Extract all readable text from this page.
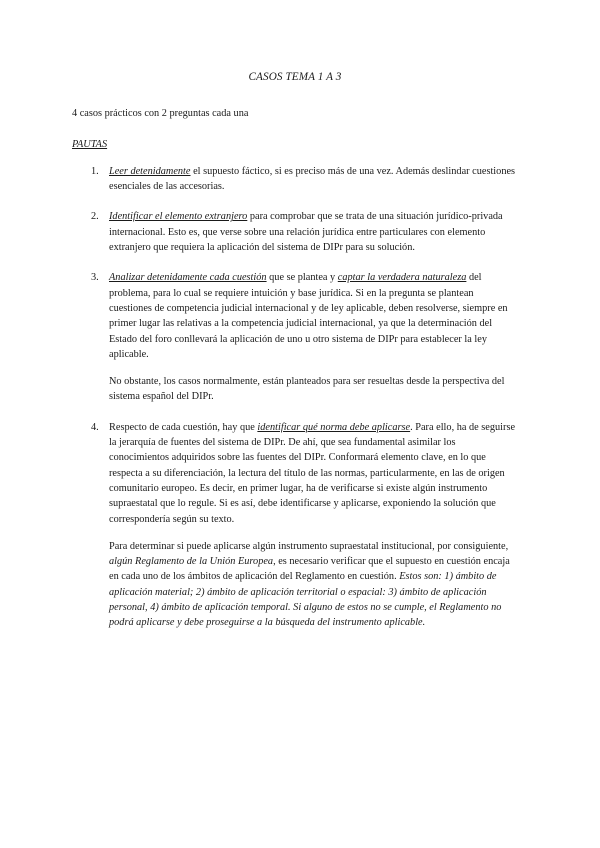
CASOS TEMA 1 A 3

4 casos prácticos con 2 preguntas cada una

PAUTAS
1. Leer detenidamente el supuesto fáctico, si es preciso más de una vez. Además deslindar cuestiones esenciales de las accesorias.

2. Identificar el elemento extranjero para comprobar que se trata de una situación jurídico-privada internacional. Esto es, que verse sobre una relación jurídica entre particulares con elemento extranjero que requiera la aplicación del sistema de DIPr para su solución.

3. Analizar detenidamente cada cuestión que se plantea y captar la verdadera naturaleza del problema, para lo cual se requiere intuición y base jurídica. Si en la pregunta se plantean cuestiones de competencia judicial internacional y de ley aplicable, deben resolverse, siempre en primer lugar las relativas a la competencia judicial internacional, ya que la determinación del Estado del foro conllevará la aplicación de uno u otro sistema de DIPr para establecer la ley aplicable.

No obstante, los casos normalmente, están planteados para ser resueltas desde la perspectiva del sistema español del DIPr.

4. Respecto de cada cuestión, hay que identificar qué norma debe aplicarse. Para ello, ha de seguirse la jerarquía de fuentes del sistema de DIPr. De ahí, que sea fundamental asimilar los conocimientos adquiridos sobre las fuentes del DIPr. Conformará elemento clave, en lo que respecta a su diferenciación, la lectura del título de las normas, particularmente, en las de origen comunitario europeo. Es decir, en primer lugar, ha de verificarse si existe algún instrumento supraestatal que lo regule. Si es así, debe identificarse y aplicarse, exponiendo la solución que correspondería según su texto.

Para determinar si puede aplicarse algún instrumento supraestatal institucional, por consiguiente, algún Reglamento de la Unión Europea, es necesario verificar que el supuesto en cuestión encaja en cada uno de los ámbitos de aplicación del Reglamento en cuestión. Estos son: 1) ámbito de aplicación material; 2) ámbito de aplicación territorial o espacial: 3) ámbito de aplicación personal, 4) ámbito de aplicación temporal. Si alguno de estos no se cumple, el Reglamento no podrá aplicarse y debe proseguirse a la búsqueda del instrumento aplicable.
